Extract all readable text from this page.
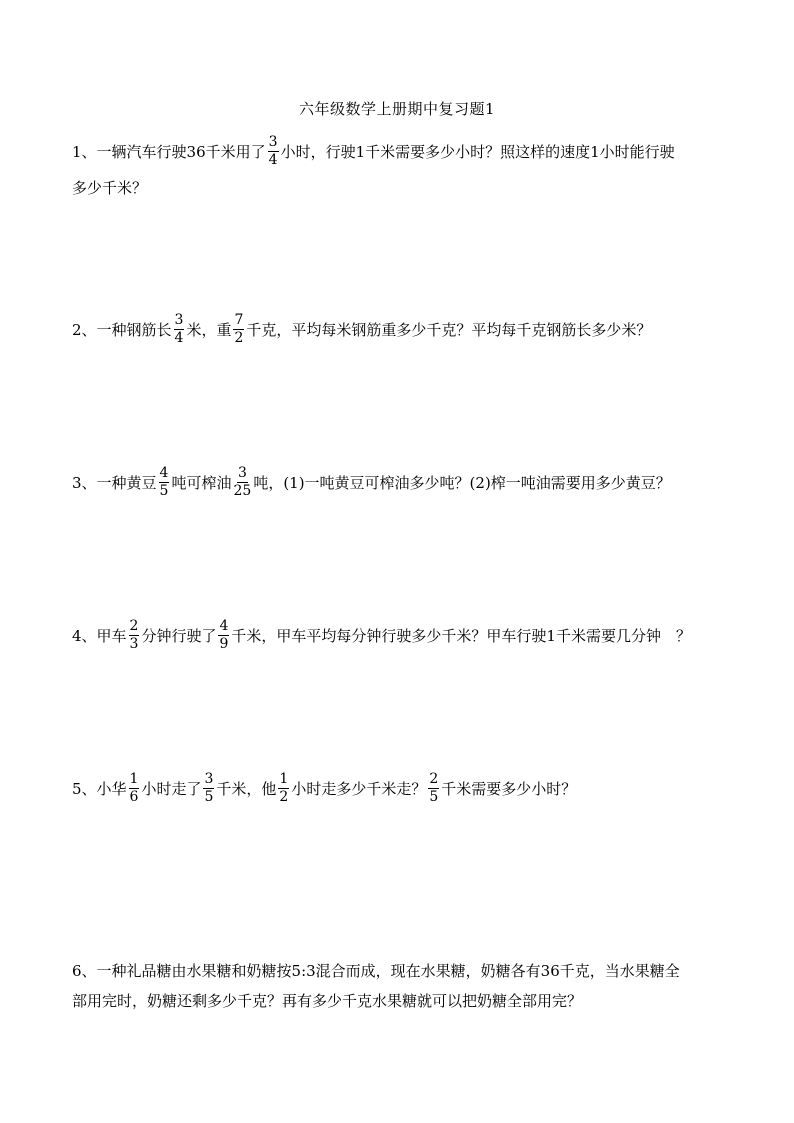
六年级数学上册期中复习题1
1、一辆汽车行驶36千米用了 $\frac{3}{4}$ 小时，行驶1千米需要多少小时？照这样的速度1小时能行驶
多少千米？
2、一种钢筋长 $\frac{3}{4}$ 米，重 $\frac{7}{2}$ 千克，平均每米钢筋重多少千克？平均每千克钢筋长多少米？
3、一种黄豆 $\frac{4}{5}$ 吨可榨油 $\frac{3}{25}$ 吨，(1)一吨黄豆可榨油多少吨？(2)榨一吨油需要用多少黄豆？
4、甲车 $\frac{2}{3}$ 分钟行驶了 $\frac{4}{9}$ 千米，甲车平均每分钟行驶多少千米？甲车行驶1千米需要几分钟　？
5、小华 $\frac{1}{6}$ 小时走了 $\frac{3}{5}$ 千米，他 $\frac{1}{2}$ 小时走多少千米走？ $\frac{2}{5}$ 千米需要多少小时？
6、一种礼品糖由水果糖和奶糖按5:3混合而成，现在水果糖，奶糖各有36千克，当水果糖全
部用完时，奶糖还剩多少千克？再有多少千克水果糖就可以把奶糖全部用完？
